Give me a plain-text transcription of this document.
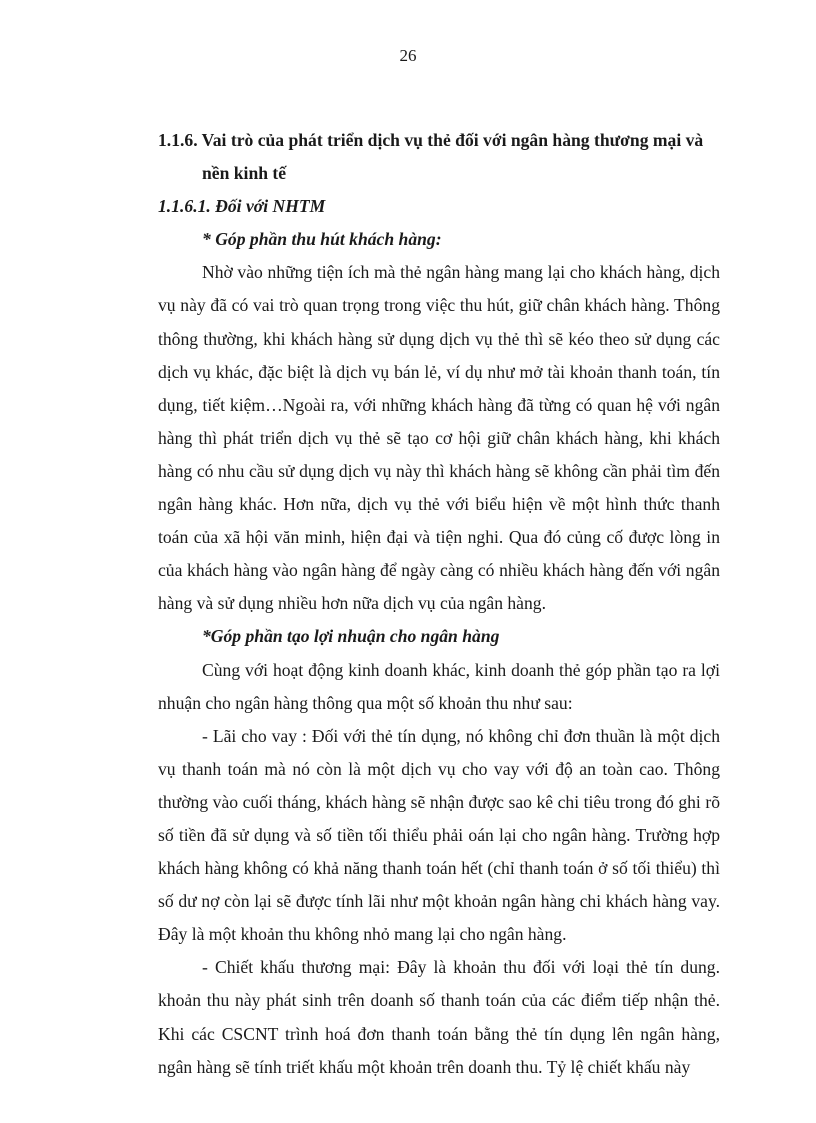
26
1.1.6. Vai trò của phát triển dịch vụ thẻ đối với ngân hàng thương mại và
nền kinh tế
1.1.6.1. Đối với NHTM
* Góp phần thu hút khách hàng:

Nhờ vào những tiện ích mà thẻ ngân hàng mang lại cho khách hàng, dịch vụ này đã có vai trò quan trọng trong việc thu hút, giữ chân khách hàng. Thông thông thường, khi khách hàng sử dụng dịch vụ thẻ thì sẽ kéo theo sử dụng các dịch vụ khác, đặc biệt là dịch vụ bán lẻ, ví dụ như mở tài khoản thanh toán, tín dụng, tiết kiệm…Ngoài ra, với những khách hàng đã từng có quan hệ với ngân hàng thì phát triển dịch vụ thẻ sẽ tạo cơ hội giữ chân khách hàng, khi khách hàng có nhu cầu sử dụng dịch vụ này thì khách hàng sẽ không cần phải tìm đến ngân hàng khác. Hơn nữa, dịch vụ thẻ với biểu hiện về một hình thức thanh toán của xã hội văn minh, hiện đại và tiện nghi. Qua đó củng cố được lòng in của khách hàng vào ngân hàng để ngày càng có nhiều khách hàng đến với ngân hàng và sử dụng nhiều hơn nữa dịch vụ của ngân hàng.

*Góp phần tạo lợi nhuận cho ngân hàng

Cùng với hoạt động kinh doanh khác, kinh doanh thẻ góp phần tạo ra lợi nhuận cho ngân hàng thông qua một số khoản thu như sau:

- Lãi cho vay : Đối với thẻ tín dụng, nó không chỉ đơn thuần là một dịch vụ thanh toán mà nó còn là một dịch vụ cho vay với độ an toàn cao. Thông thường vào cuối tháng, khách hàng sẽ nhận được sao kê chi tiêu trong đó ghi rõ số tiền đã sử dụng và số tiền tối thiểu phải oán lại cho ngân hàng. Trường hợp khách hàng không có khả năng thanh toán hết (chỉ thanh toán ở số tối thiểu) thì số dư nợ còn lại sẽ được tính lãi như một khoản ngân hàng chi khách hàng vay. Đây là một khoản thu không nhỏ mang lại cho ngân hàng.

- Chiết khấu thương mại: Đây là khoản thu đối với loại thẻ tín dung. khoản thu này phát sinh trên doanh số thanh toán của các điểm tiếp nhận thẻ. Khi các CSCNT trình hoá đơn thanh toán bằng thẻ tín dụng lên ngân hàng, ngân hàng sẽ tính triết khấu một khoản trên doanh thu. Tỷ lệ chiết khấu này
